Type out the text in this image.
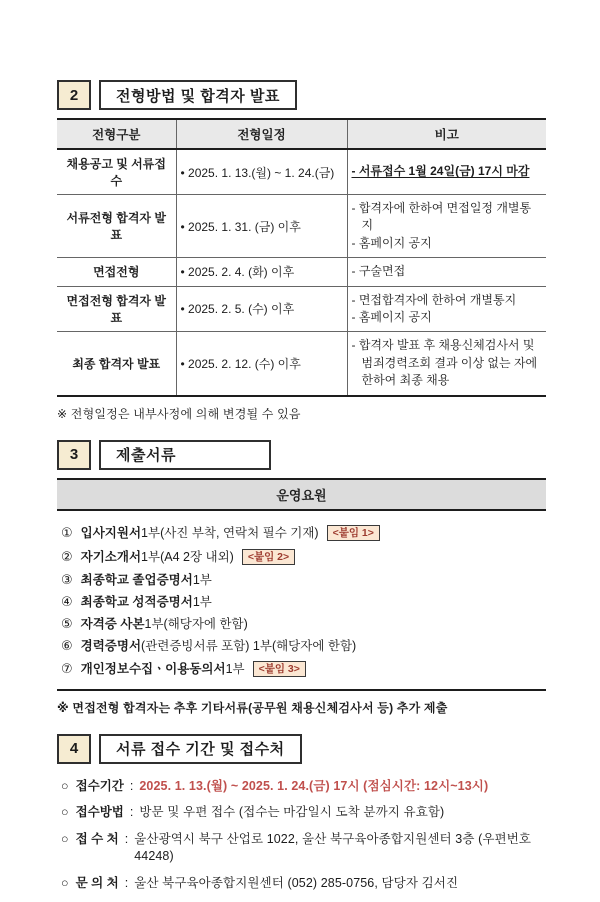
2	전형방법 및 합격자 발표
전형구분	전형일정	비고
채용공고 및 서류접수	• 2025. 1. 13.(월) ~ 1. 24.(금)	- 서류접수 1월 24일(금) 17시 마감

서류전형 합격자 발표	• 2025. 1. 31. (금) 이후	- 합격자에 한하여 면접일정 개별통지
- 홈페이지 공지

면접전형	• 2025. 2. 4. (화) 이후	- 구술면접

면접전형 합격자 발표	• 2025. 2. 5. (수) 이후	- 면접합격자에 한하여 개별통지
- 홈페이지 공지

최종 합격자 발표	• 2025. 2. 12. (수) 이후	- 합격자 발표 후 채용신체검사서 및 범죄경력조회 결과 이상 없는 자에 한하여 최종 채용
※ 전형일정은 내부사정에 의해 변경될 수 있음
3	제출서류
운영요원
① 입사지원서 1부(사진 부착, 연락처 필수 기재)	<붙임 1>
② 자기소개서 1부(A4 2장 내외)	<붙임 2>
③ 최종학교 졸업증명서 1부
④ 최종학교 성적증명서 1부
⑤ 자격증 사본 1부(해당자에 한함)
⑥ 경력증명서 (관련증빙서류 포함) 1부(해당자에 한함)
⑦ 개인정보수집ㆍ이용동의서 1부	<붙임 3>
※ 면접전형 합격자는 추후 기타서류(공무원 채용신체검사서 등) 추가 제출
4	서류 접수 기간 및 접수처
○ 접수기간 : 2025. 1. 13.(월) ~ 2025. 1. 24.(금) 17시 (점심시간: 12시~13시)
○ 접수방법 : 방문 및 우편 접수 (접수는 마감일시 도착 분까지 유효함)
○ 접 수 처 : 울산광역시 북구 산업로 1022, 울산 북구육아종합지원센터 3층 (우편번호 44248)
○ 문 의 처 : 울산 북구육아종합지원센터 (052) 285-0756, 담당자 김서진
